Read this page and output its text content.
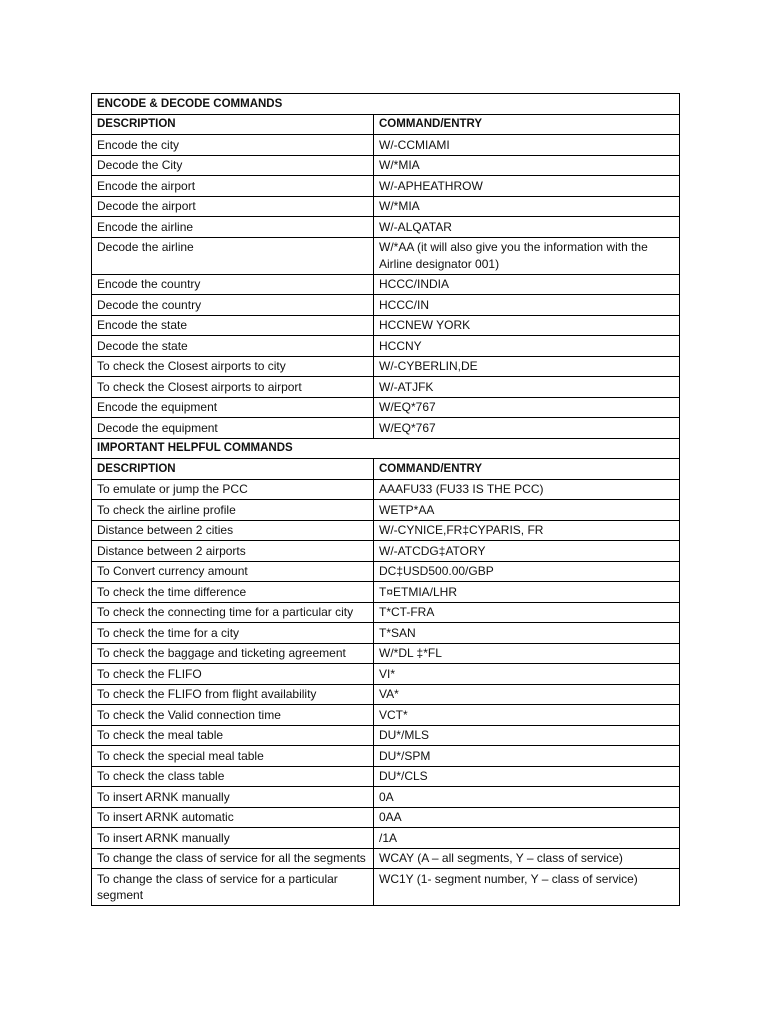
ENCODE & DECODE COMMANDS	
DESCRIPTION	COMMAND/ENTRY
Encode the city	W/-CCMIAMI
Decode the City	W/*MIA
Encode the airport	W/-APHEATHROW
Decode the airport	W/*MIA
Encode the airline	W/-ALQATAR
Decode the airline	W/*AA (it will also give you the information with the Airline designator 001)
Encode the country	HCCC/INDIA
Decode the country	HCCC/IN
Encode the state	HCCNEW YORK
Decode the state	HCCNY
To check the Closest airports to city	W/-CYBERLIN,DE
To check the Closest airports to airport	W/-ATJFK
Encode the equipment	W/EQ*767
Decode the equipment	W/EQ*767
IMPORTANT HELPFUL COMMANDS	
DESCRIPTION	COMMAND/ENTRY
To emulate or jump the PCC	AAAFU33 (FU33 IS THE PCC)
To check the airline profile	WETP*AA
Distance between 2 cities	W/-CYNICE,FR‡CYPARIS, FR
Distance between 2 airports	W/-ATCDG‡ATORY
To Convert currency amount	DC‡USD500.00/GBP
To check the time difference	T¤ETMIA/LHR
To check the connecting time for a particular city	T*CT-FRA
To check the time for a city	T*SAN
To check the baggage and ticketing agreement	W/*DL ‡*FL
To check the FLIFO	VI*
To check the FLIFO from flight availability	VA*
To check the Valid connection time	VCT*
To check the meal table	DU*/MLS
To check the special meal table	DU*/SPM
To check the class table	DU*/CLS
To insert ARNK manually	0A
To insert ARNK automatic	0AA
To insert ARNK manually	/1A
To change the class of service for all the segments	WCAY (A – all segments, Y – class of service)
To change the class of service for a particular segment	WC1Y (1- segment number, Y – class of service)
